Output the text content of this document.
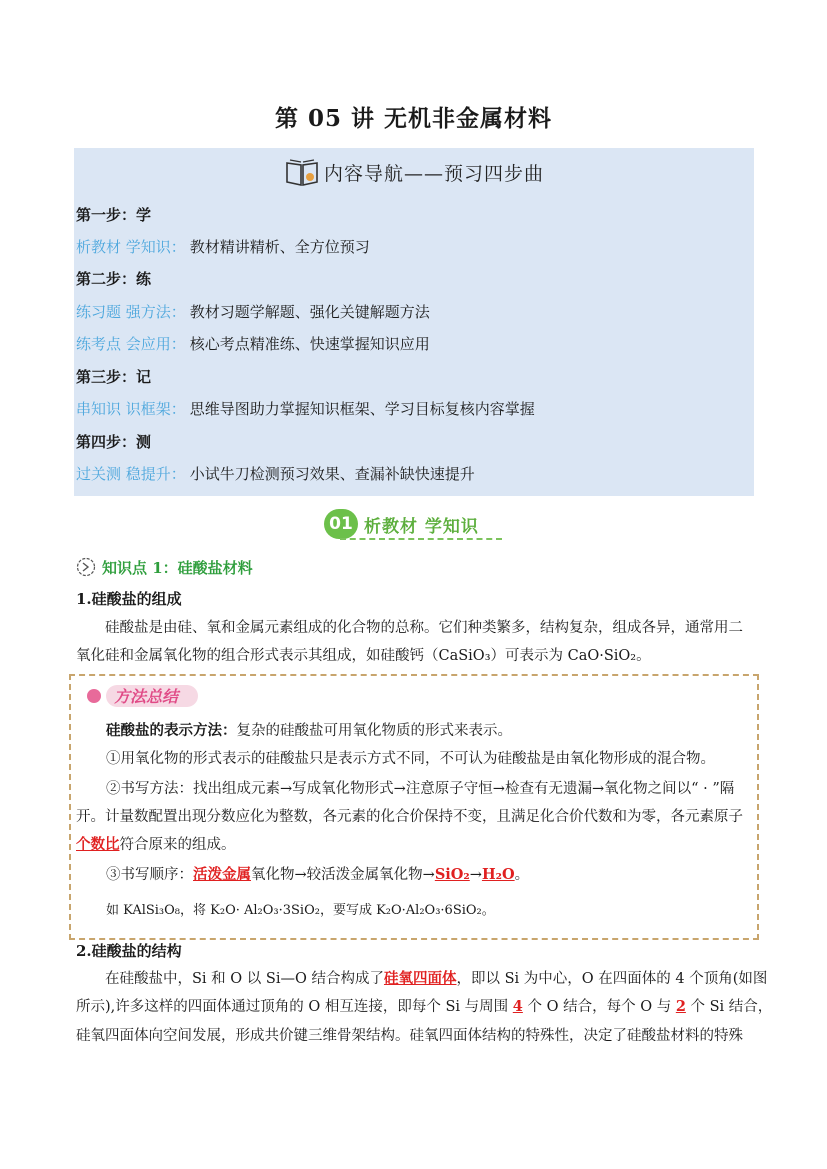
第 05 讲 无机非金属材料
内容导航——预习四步曲
第一步：学
析教材 学知识： 教材精讲精析、全方位预习
第二步：练
练习题 强方法： 教材习题学解题、强化关键解题方法
练考点 会应用： 核心考点精准练、快速掌握知识应用
第三步：记
串知识 识框架： 思维导图助力掌握知识框架、学习目标复核内容掌握
第四步：测
过关测 稳提升： 小试牛刀检测预习效果、查漏补缺快速提升
01 析教材 学知识
知识点 1：硅酸盐材料
1.硅酸盐的组成
硅酸盐是由硅、氧和金属元素组成的化合物的总称。它们种类繁多，结构复杂，组成各异，通常用二
氧化硅和金属氧化物的组合形式表示其组成，如硅酸钙（CaSiO₃）可表示为 CaO·SiO₂。
方法总结
硅酸盐的表示方法：复杂的硅酸盐可用氧化物质的形式来表示。
①用氧化物的形式表示的硅酸盐只是表示方式不同，不可认为硅酸盐是由氧化物形成的混合物。
②书写方法：找出组成元素→写成氧化物形式→注意原子守恒→检查有无遗漏→氧化物之间以“ · ”隔
开。计量数配置出现分数应化为整数，各元素的化合价保持不变，且满足化合价代数和为零，各元素原子
个数比符合原来的组成。
③书写顺序：活泼金属氧化物→较活泼金属氧化物→SiO₂→H₂O。
如 KAlSi₃O₈，将 K₂O· Al₂O₃·3SiO₂，要写成 K₂O·Al₂O₃·6SiO₂。
2.硅酸盐的结构
在硅酸盐中，Si 和 O 以 Si—O 结合构成了硅氧四面体，即以 Si 为中心，O 在四面体的 4 个顶角(如图
所示),许多这样的四面体通过顶角的 O 相互连接，即每个 Si 与周围 4 个 O 结合，每个 O 与 2 个 Si 结合，
硅氧四面体向空间发展，形成共价键三维骨架结构。硅氧四面体结构的特殊性，决定了硅酸盐材料的特殊
